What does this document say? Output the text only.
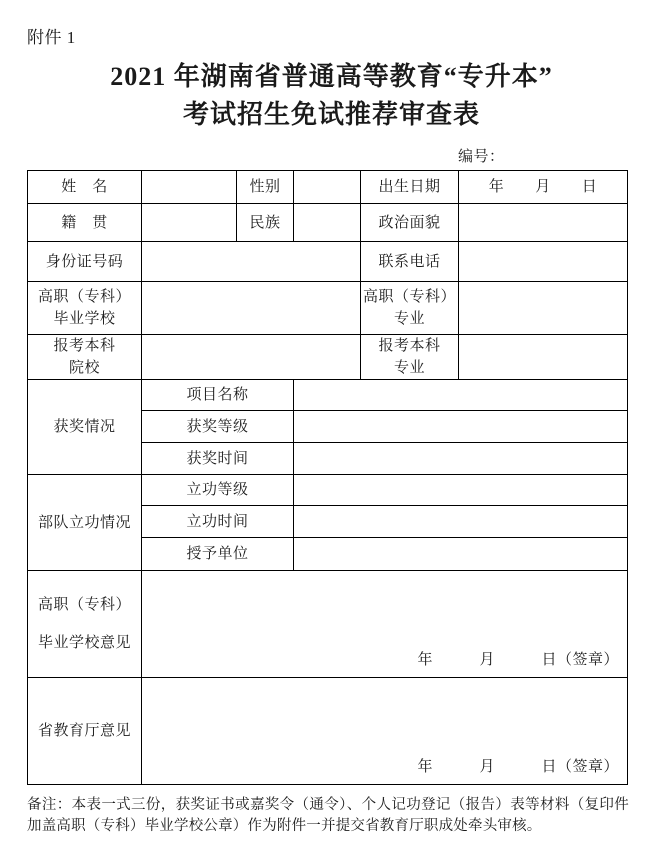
附件 1
2021 年湖南省普通高等教育“专升本”
考试招生免试推荐审查表
编号：
姓　名		性别		出生日期	年　　月　　日
籍　贯		民族		政治面貌	
身份证号码				联系电话	

高职（专科）
毕业学校				高职（专科）
专业	

报考本科
院校				报考本科
专业	

获奖情况	项目名称				
	获奖等级				
	获奖时间				
部队立功情况	立功等级				
	立功时间				
	授予单位				

高职（专科）
毕业学校意见	年　　　月　　　日（签章）				

省教育厅意见	年　　　月　　　日（签章）				
备注：本表一式三份，获奖证书或嘉奖令（通令）、个人记功登记（报告）表等材料（复印件加盖高职（专科）毕业学校公章）作为附件一并提交省教育厅职成处牵头审核。
